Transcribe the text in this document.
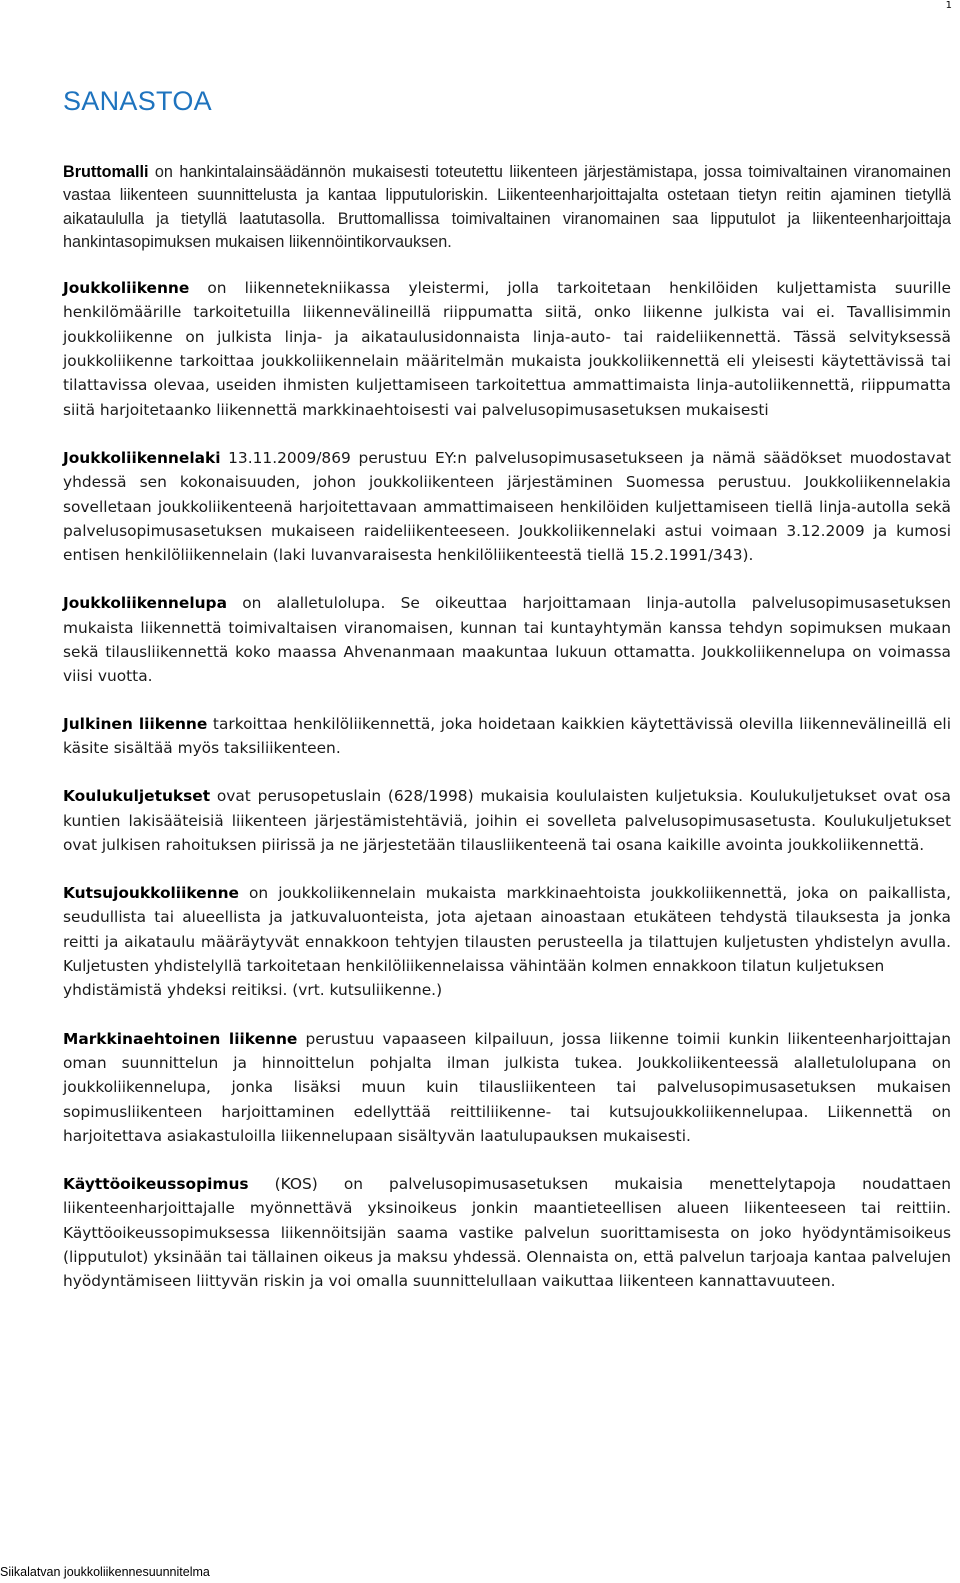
1
SANASTOA

Bruttomalli on hankintalainsäädännön mukaisesti toteutettu liikenteen järjestämistapa, jossa toimivaltainen viranomainen vastaa liikenteen suunnittelusta ja kantaa lipputuloriskin. Liikenteenharjoittajalta ostetaan tietyn reitin ajaminen tietyllä aikataululla ja tietyllä laatutasolla. Bruttomallissa toimivaltainen viranomainen saa lipputulot ja liikenteenharjoittaja hankintasopimuksen mukaisen liikennöintikorvauksen.

Joukkoliikenne on liikennetekniikassa yleistermi, jolla tarkoitetaan henkilöiden kuljettamista suurille henkilömäärille tarkoitetuilla liikennevälineillä riippumatta siitä, onko liikenne julkista vai ei. Tavallisimmin joukkoliikenne on julkista linja- ja aikataulusidonnaista linja-auto- tai raideliikennettä. Tässä selvityksessä joukkoliikenne tarkoittaa joukkoliikennelain määritelmän mukaista joukkoliikennettä eli yleisesti käytettävissä tai tilattavissa olevaa, useiden ihmisten kuljettamiseen tarkoitettua ammattimaista linja-autoliikennettä, riippumatta siitä harjoitetaanko liikennettä markkinaehtoisesti vai palvelusopimusasetuksen mukaisesti

Joukkoliikennelaki 13.11.2009/869 perustuu EY:n palvelusopimusasetukseen ja nämä säädökset muodostavat yhdessä sen kokonaisuuden, johon joukkoliikenteen järjestäminen Suomessa perustuu. Joukkoliikennelakia sovelletaan joukkoliikenteenä harjoitettavaan ammattimaiseen henkilöiden kuljettamiseen tiellä linja-autolla sekä palvelusopimusasetuksen mukaiseen raideliikenteeseen. Joukkoliikennelaki astui voimaan 3.12.2009 ja kumosi entisen henkilöliikennelain (laki luvanvaraisesta henkilöliikenteestä tiellä 15.2.1991/343).

Joukkoliikennelupa on alalletulolupa. Se oikeuttaa harjoittamaan linja-autolla palvelusopimusasetuksen mukaista liikennettä toimivaltaisen viranomaisen, kunnan tai kuntayhtymän kanssa tehdyn sopimuksen mukaan sekä tilausliikennettä koko maassa Ahvenanmaan maakuntaa lukuun ottamatta. Joukkoliikennelupa on voimassa viisi vuotta.

Julkinen liikenne tarkoittaa henkilöliikennettä, joka hoidetaan kaikkien käytettävissä olevilla liikennevälineillä eli käsite sisältää myös taksiliikenteen.

Koulukuljetukset ovat perusopetuslain (628/1998) mukaisia koululaisten kuljetuksia. Koulukuljetukset ovat osa kuntien lakisääteisiä liikenteen järjestämistehtäviä, joihin ei sovelleta palvelusopimusasetusta. Koulukuljetukset ovat julkisen rahoituksen piirissä ja ne järjestetään tilausliikenteenä tai osana kaikille avointa joukkoliikennettä.

Kutsujoukkoliikenne on joukkoliikennelain mukaista markkinaehtoista joukkoliikennettä, joka on paikallista, seudullista tai alueellista ja jatkuvaluonteista, jota ajetaan ainoastaan etukäteen tehdystä tilauksesta ja jonka reitti ja aikataulu määräytyvät ennakkoon tehtyjen tilausten perusteella ja tilattujen kuljetusten yhdistelyn avulla. Kuljetusten yhdistelyllä tarkoitetaan henkilöliikennelaissa vähintään kolmen ennakkoon tilatun kuljetuksen
yhdistämistä yhdeksi reitiksi. (vrt. kutsuliikenne.)

Markkinaehtoinen liikenne perustuu vapaaseen kilpailuun, jossa liikenne toimii kunkin liikenteenharjoittajan oman suunnittelun ja hinnoittelun pohjalta ilman julkista tukea. Joukkoliikenteessä alalletulolupana on joukkoliikennelupa, jonka lisäksi muun kuin tilausliikenteen tai palvelusopimusasetuksen mukaisen sopimusliikenteen harjoittaminen edellyttää reittiliikenne- tai kutsujoukkoliikennelupaa. Liikennettä on harjoitettava asiakastuloilla liikennelupaan sisältyvän laatulupauksen mukaisesti.

Käyttöoikeussopimus (KOS) on palvelusopimusasetuksen mukaisia menettelytapoja noudattaen liikenteenharjoittajalle myönnettävä yksinoikeus jonkin maantieteellisen alueen liikenteeseen tai reittiin. Käyttöoikeussopimuksessa liikennöitsijän saama vastike palvelun suorittamisesta on joko hyödyntämisoikeus (lipputulot) yksinään tai tällainen oikeus ja maksu yhdessä. Olennaista on, että palvelun tarjoaja kantaa palvelujen hyödyntämiseen liittyvän riskin ja voi omalla suunnittelullaan vaikuttaa liikenteen kannattavuuteen.

Siikalatvan joukkoliikennesuunnitelma
